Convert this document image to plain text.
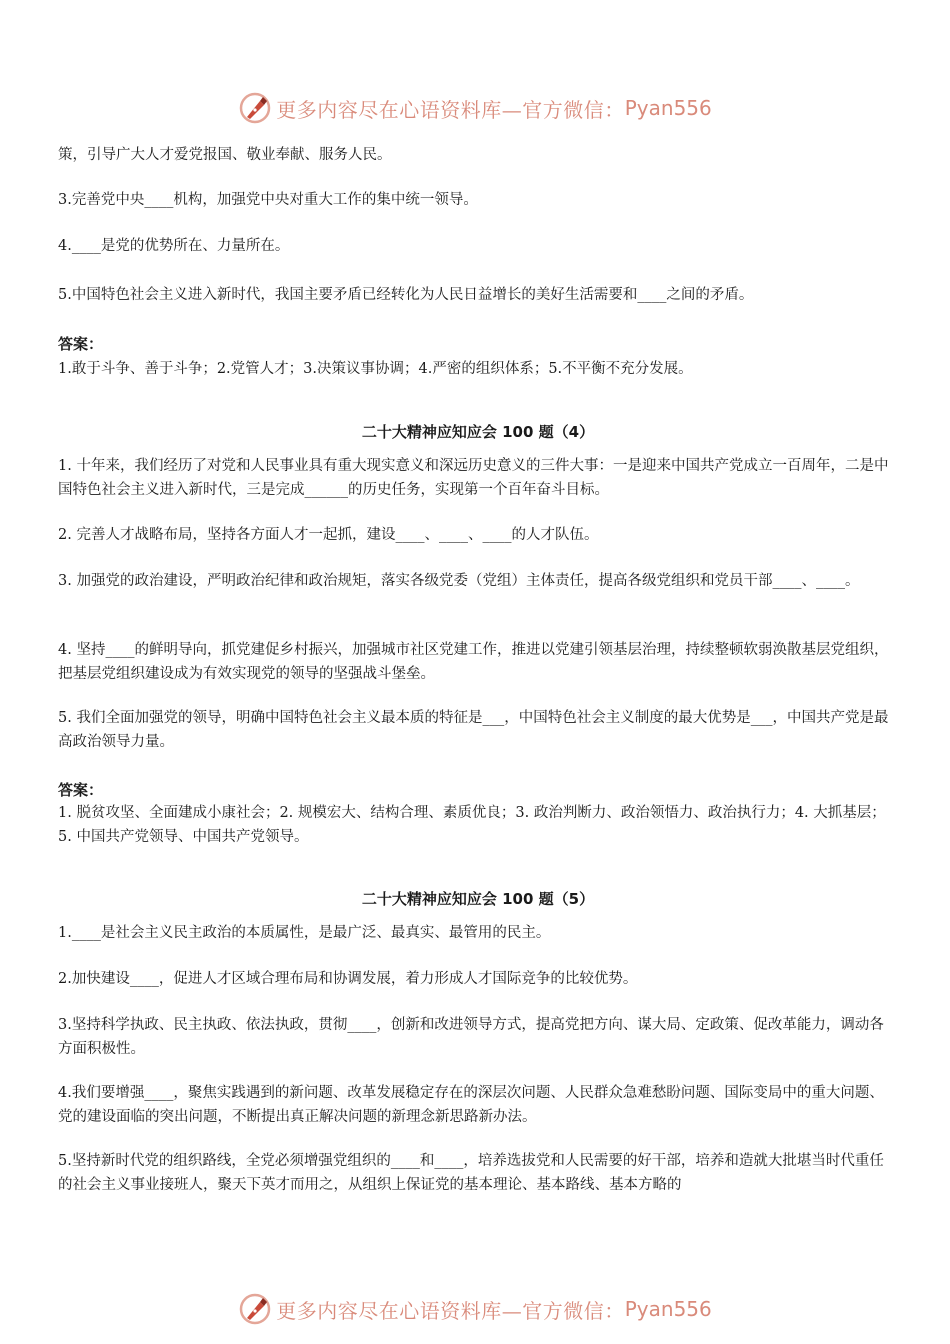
更多内容尽在心语资料库—官方微信： Pyan556
策，引导广大人才爱党报国、敬业奉献、服务人民。
3.完善党中央____机构，加强党中央对重大工作的集中统一领导。
4.____是党的优势所在、力量所在。
5.中国特色社会主义进入新时代，我国主要矛盾已经转化为人民日益增长的美好生活需要和____之间的矛盾。
答案：
1.敢于斗争、善于斗争；2.党管人才；3.决策议事协调；4.严密的组织体系；5.不平衡不充分发展。
二十大精神应知应会 100 题（4）
1. 十年来，我们经历了对党和人民事业具有重大现实意义和深远历史意义的三件大事：一是迎来中国共产党成立一百周年，二是中国特色社会主义进入新时代，三是完成______的历史任务，实现第一个百年奋斗目标。
2. 完善人才战略布局，坚持各方面人才一起抓，建设____、____、____的人才队伍。
3. 加强党的政治建设，严明政治纪律和政治规矩，落实各级党委（党组）主体责任，提高各级党组织和党员干部____、____。
4. 坚持____的鲜明导向，抓党建促乡村振兴，加强城市社区党建工作，推进以党建引领基层治理，持续整顿软弱涣散基层党组织，把基层党组织建设成为有效实现党的领导的坚强战斗堡垒。
5. 我们全面加强党的领导，明确中国特色社会主义最本质的特征是___，中国特色社会主义制度的最大优势是___，中国共产党是最高政治领导力量。
答案：
1. 脱贫攻坚、全面建成小康社会；2. 规模宏大、结构合理、素质优良；3. 政治判断力、政治领悟力、政治执行力；4. 大抓基层；5. 中国共产党领导、中国共产党领导。
二十大精神应知应会 100 题（5）
1.____是社会主义民主政治的本质属性，是最广泛、最真实、最管用的民主。
2.加快建设____，促进人才区域合理布局和协调发展，着力形成人才国际竞争的比较优势。
3.坚持科学执政、民主执政、依法执政，贯彻____，创新和改进领导方式，提高党把方向、谋大局、定政策、促改革能力，调动各方面积极性。
4.我们要增强____，聚焦实践遇到的新问题、改革发展稳定存在的深层次问题、人民群众急难愁盼问题、国际变局中的重大问题、党的建设面临的突出问题，不断提出真正解决问题的新理念新思路新办法。
5.坚持新时代党的组织路线，全党必须增强党组织的____和____，培养选拔党和人民需要的好干部，培养和造就大批堪当时代重任的社会主义事业接班人，聚天下英才而用之，从组织上保证党的基本理论、基本路线、基本方略的
更多内容尽在心语资料库—官方微信： Pyan556
